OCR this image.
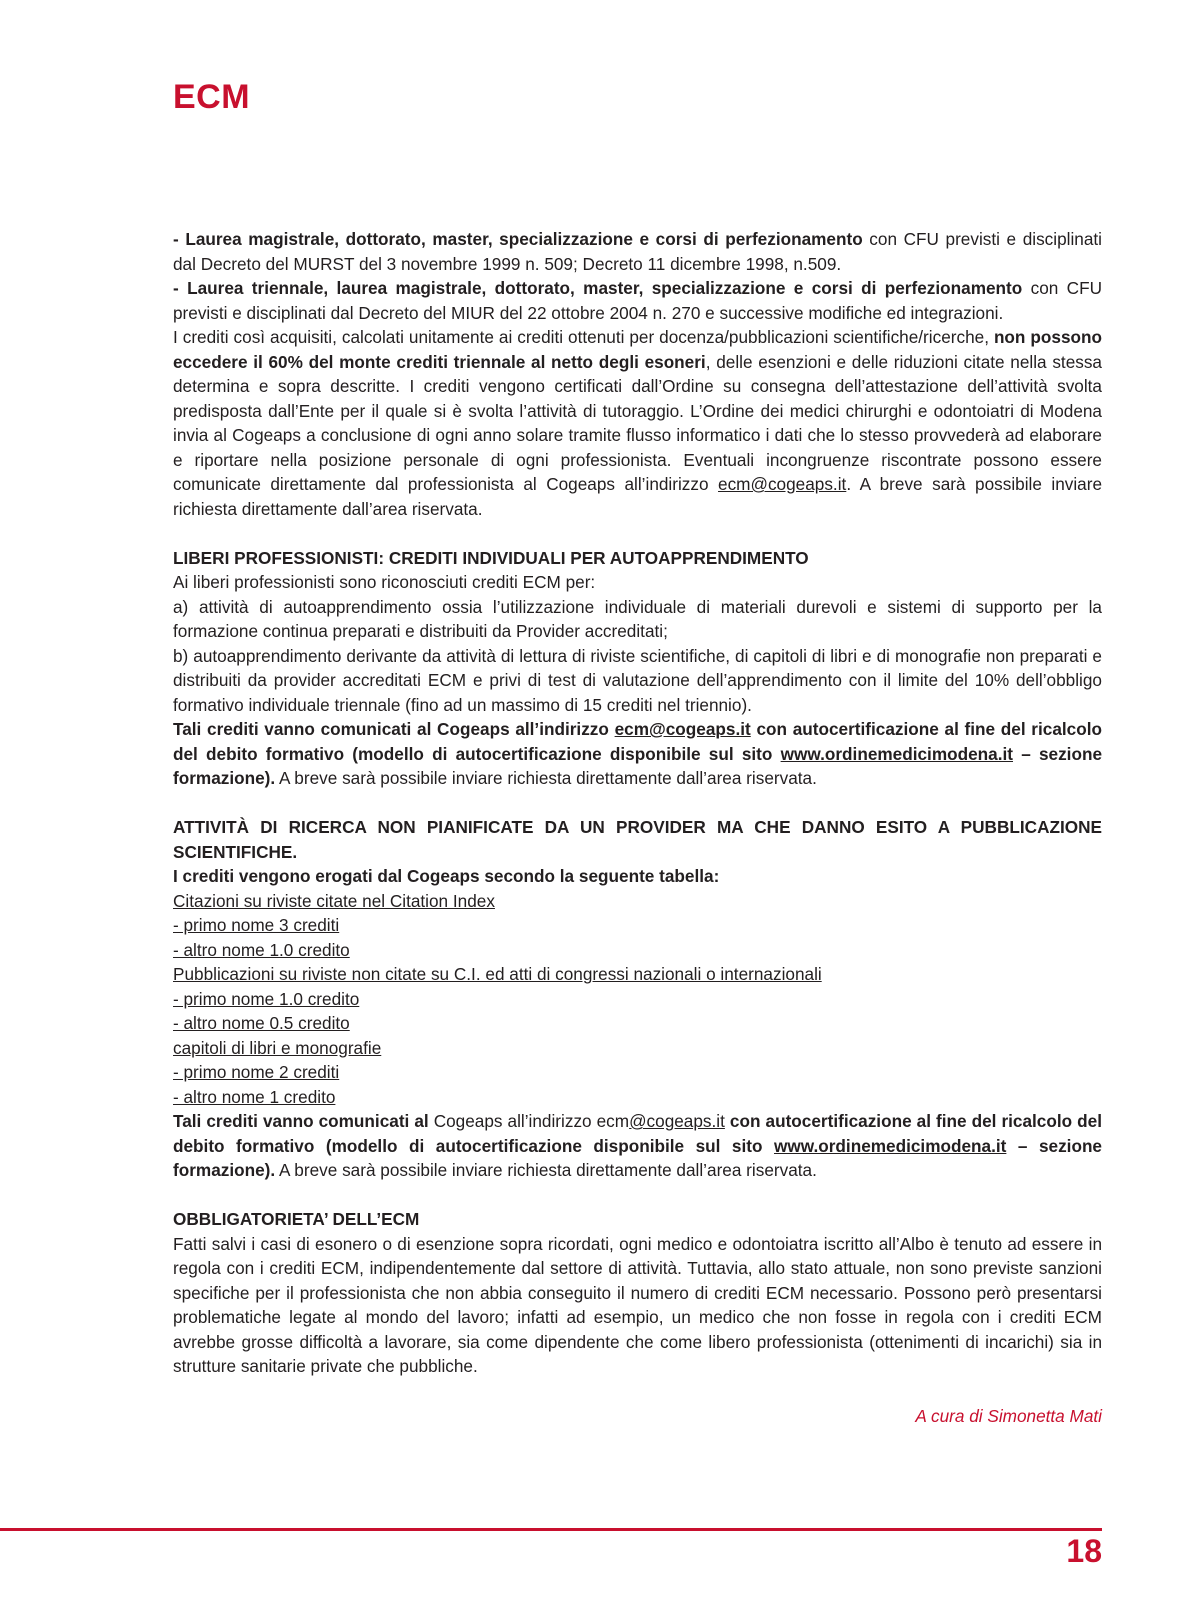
ECM

- Laurea magistrale, dottorato, master, specializzazione e corsi di perfezionamento con CFU previsti e disciplinati dal Decreto del MURST del 3 novembre 1999 n. 509; Decreto 11 dicembre 1998, n.509.

- Laurea triennale, laurea magistrale, dottorato, master, specializzazione e corsi di perfezionamento con CFU previsti e disciplinati dal Decreto del MIUR del 22 ottobre 2004 n. 270 e successive modifiche ed integrazioni.

I crediti così acquisiti, calcolati unitamente ai crediti ottenuti per docenza/pubblicazioni scientifiche/ricerche, non possono eccedere il 60% del monte crediti triennale al netto degli esoneri, delle esenzioni e delle riduzioni citate nella stessa determina e sopra descritte. I crediti vengono certificati dall’Ordine su consegna dell’attestazione dell’attività svolta predisposta dall’Ente per il quale si è svolta l’attività di tutoraggio. L’Ordine dei medici chirurghi e odontoiatri di Modena invia al Cogeaps a conclusione di ogni anno solare tramite flusso informatico i dati che lo stesso provvederà ad elaborare e riportare nella posizione personale di ogni professionista. Eventuali incongruenze riscontrate possono essere comunicate direttamente dal professionista al Cogeaps all’indirizzo ecm@cogeaps.it. A breve sarà possibile inviare richiesta direttamente dall’area riservata.

LIBERI PROFESSIONISTI: CREDITI INDIVIDUALI PER AUTOAPPRENDIMENTO

Ai liberi professionisti sono riconosciuti crediti ECM per:

a) attività di autoapprendimento ossia l’utilizzazione individuale di materiali durevoli e sistemi di supporto per la formazione continua preparati e distribuiti da Provider accreditati;

b) autoapprendimento derivante da attività di lettura di riviste scientifiche, di capitoli di libri e di monografie non preparati e distribuiti da provider accreditati ECM e privi di test di valutazione dell’apprendimento con il limite del 10% dell’obbligo formativo individuale triennale (fino ad un massimo di 15 crediti nel triennio).

Tali crediti vanno comunicati al Cogeaps all’indirizzo ecm@cogeaps.it con autocertificazione al fine del ricalcolo del debito formativo (modello di autocertificazione disponibile sul sito www.ordinemedicimodena.it – sezione formazione). A breve sarà possibile inviare richiesta direttamente dall’area riservata.

ATTIVITÀ DI RICERCA NON PIANIFICATE DA UN PROVIDER MA CHE DANNO ESITO A PUBBLICAZIONE SCIENTIFICHE.

I crediti vengono erogati dal Cogeaps secondo la seguente tabella:

Citazioni su riviste citate nel Citation Index

- primo nome 3 crediti

- altro nome 1.0 credito

Pubblicazioni su riviste non citate su C.I. ed atti di congressi nazionali o internazionali

- primo nome 1.0 credito

- altro nome 0.5 credito

capitoli di libri e monografie

- primo nome 2 crediti

- altro nome 1 credito

Tali crediti vanno comunicati al Cogeaps all’indirizzo ecm@cogeaps.it con autocertificazione al fine del ricalcolo del debito formativo (modello di autocertificazione disponibile sul sito www.ordinemedicimodena.it – sezione formazione). A breve sarà possibile inviare richiesta direttamente dall’area riservata.

OBBLIGATORIETA’ DELL’ECM

Fatti salvi i casi di esonero o di esenzione sopra ricordati, ogni medico e odontoiatra iscritto all’Albo è tenuto ad essere in regola con i crediti ECM, indipendentemente dal settore di attività. Tuttavia, allo stato attuale, non sono previste sanzioni specifiche per il professionista che non abbia conseguito il numero di crediti ECM necessario. Possono però presentarsi problematiche legate al mondo del lavoro; infatti ad esempio, un medico che non fosse in regola con i crediti ECM avrebbe grosse difficoltà a lavorare, sia come dipendente che come libero professionista (ottenimenti di incarichi) sia in strutture sanitarie private che pubbliche.

A cura di Simonetta Mati
18
